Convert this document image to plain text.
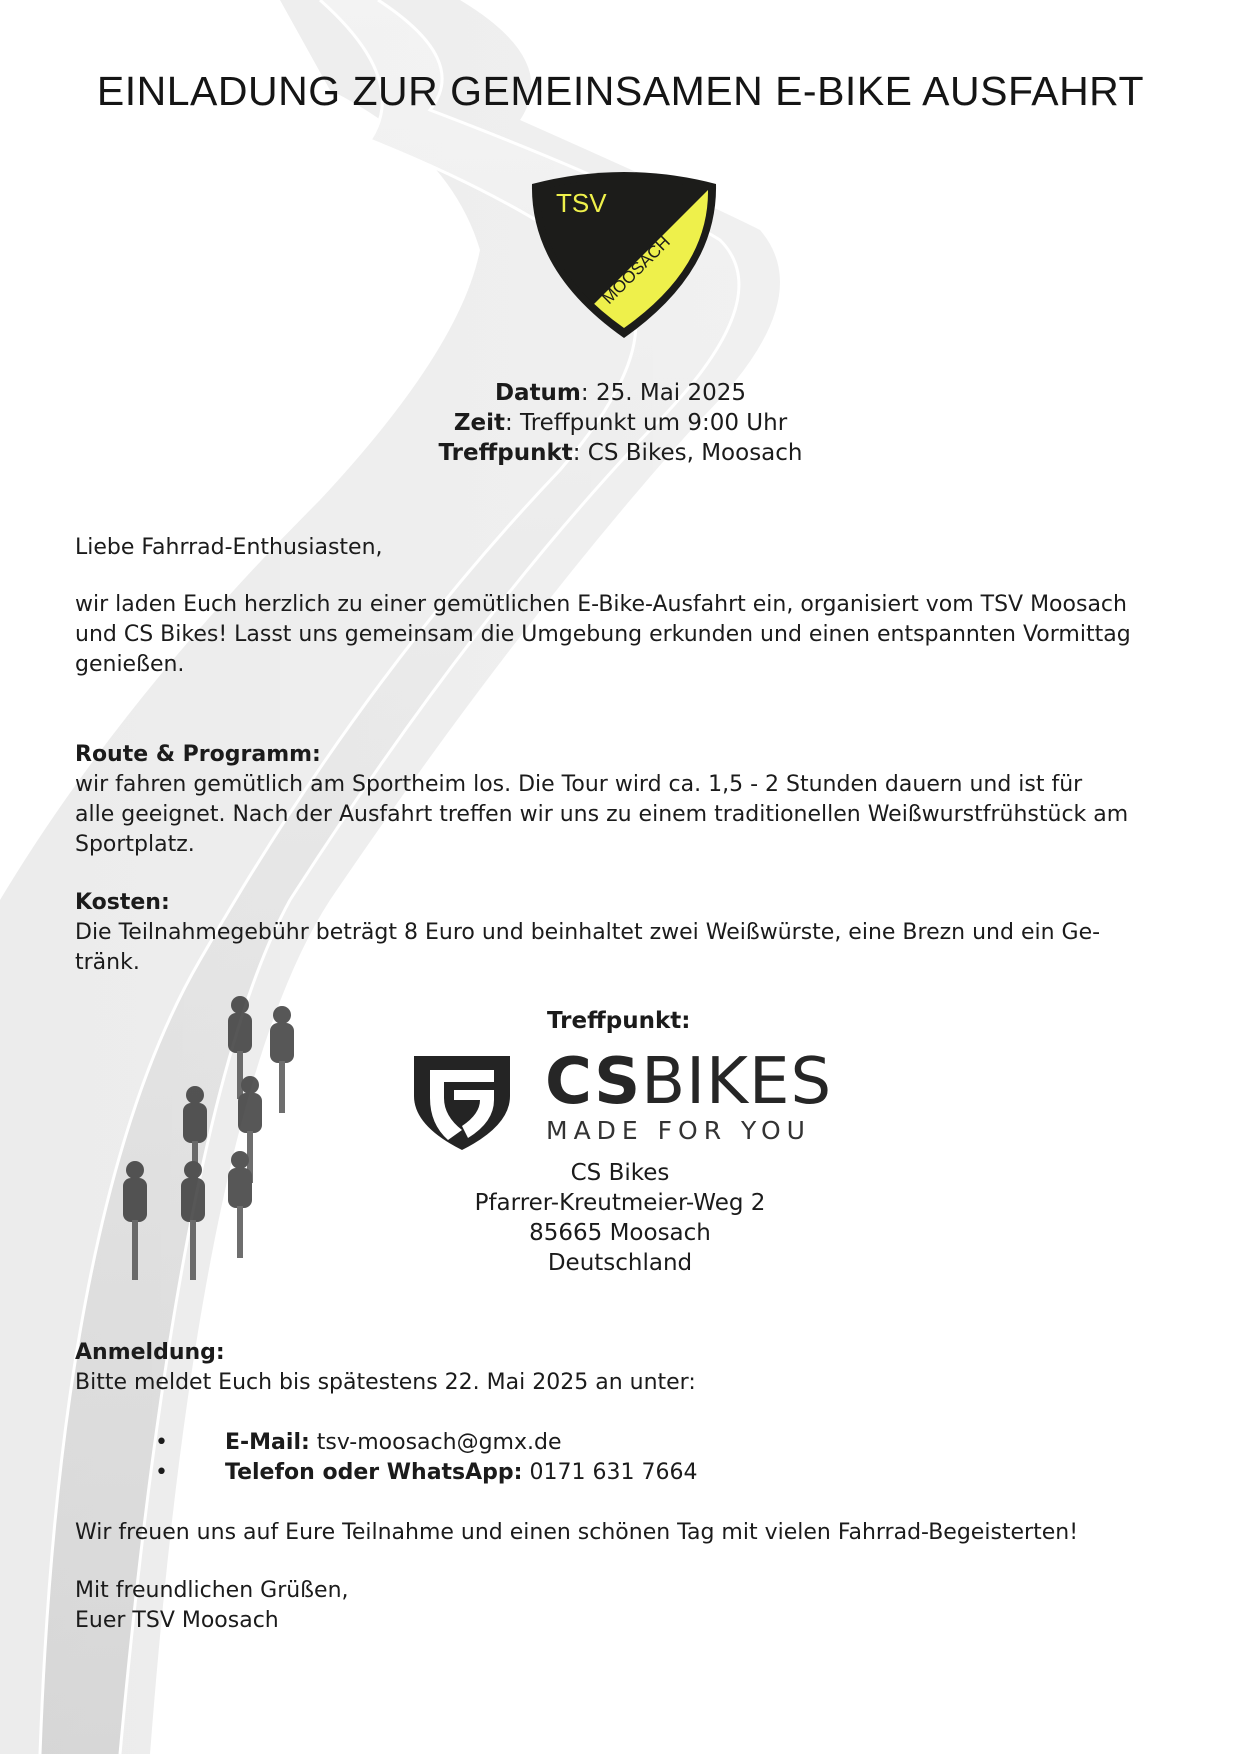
EINLADUNG ZUR GEMEINSAMEN E-BIKE AUSFAHRT
TSV
MOOSACH
Datum: 25. Mai 2025
Zeit: Treffpunkt um 9:00 Uhr
Treffpunkt: CS Bikes, Moosach
Liebe Fahrrad-Enthusiasten,
wir laden Euch herzlich zu einer gemütlichen E-Bike-Ausfahrt ein, organisiert vom TSV Moosach
und CS Bikes! Lasst uns gemeinsam die Umgebung erkunden und einen entspannten Vormittag
genießen.
Route & Programm:
wir fahren gemütlich am Sportheim los. Die Tour wird ca. 1,5 - 2 Stunden dauern und ist für
alle geeignet. Nach der Ausfahrt treffen wir uns zu einem traditionellen Weißwurstfrühstück am
Sportplatz.
Kosten:
Die Teilnahmegebühr beträgt 8 Euro und beinhaltet zwei Weißwürste, eine Brezn und ein Ge-
tränk.
Treffpunkt:
CSBIKES
MADE FOR YOU
CS Bikes
Pfarrer-Kreutmeier-Weg 2
85665 Moosach
Deutschland
Anmeldung:
Bitte meldet Euch bis spätestens 22. Mai 2025 an unter:
•	E-Mail: tsv-moosach@gmx.de
•	Telefon oder WhatsApp: 0171 631 7664
Wir freuen uns auf Eure Teilnahme und einen schönen Tag mit vielen Fahrrad-Begeisterten!
Mit freundlichen Grüßen,
Euer TSV Moosach
